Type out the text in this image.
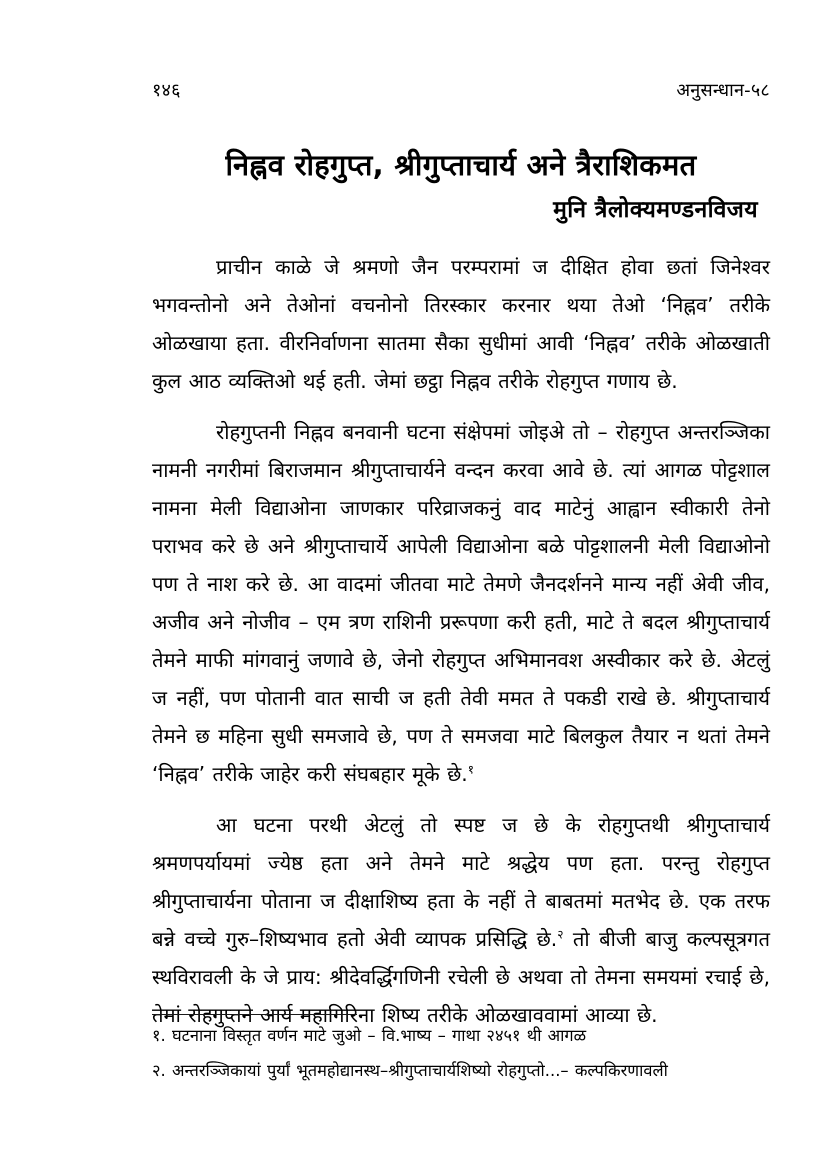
१४६	अनुसन्धान-५८
निह्नव रोहगुप्त, श्रीगुप्ताचार्य अने त्रैराशिकमत
मुनि त्रैलोक्यमण्डनविजय

प्राचीन काळे जे श्रमणो जैन परम्परामां ज दीक्षित होवा छतां जिनेश्वर भगवन्तोनो अने तेओनां वचनोनो तिरस्कार करनार थया तेओ ‘निह्नव’ तरीके ओळखाया हता. वीरनिर्वाणना सातमा सैका सुधीमां आवी ‘निह्नव’ तरीके ओळखाती कुल आठ व्यक्तिओ थई हती. जेमां छट्ठा निह्नव तरीके रोहगुप्त गणाय छे.

रोहगुप्तनी निह्नव बनवानी घटना संक्षेपमां जोइअे तो – रोहगुप्त अन्तरञ्जिका नामनी नगरीमां बिराजमान श्रीगुप्ताचार्यने वन्दन करवा आवे छे. त्यां आगळ पोट्टशाल नामना मेली विद्याओना जाणकार परिव्राजकनुं वाद माटेनुं आह्वान स्वीकारी तेनो पराभव करे छे अने श्रीगुप्ताचार्ये आपेली विद्याओना बळे पोट्टशालनी मेली विद्याओनो पण ते नाश करे छे. आ वादमां जीतवा माटे तेमणे जैनदर्शनने मान्य नहीं अेवी जीव, अजीव अने नोजीव – एम त्रण राशिनी प्ररूपणा करी हती, माटे ते बदल श्रीगुप्ताचार्य तेमने माफी मांगवानुं जणावे छे, जेनो रोहगुप्त अभिमानवश अस्वीकार करे छे. अेटलुं ज नहीं, पण पोतानी वात साची ज हती तेवी ममत ते पकडी राखे छे. श्रीगुप्ताचार्य तेमने छ महिना सुधी समजावे छे, पण ते समजवा माटे बिलकुल तैयार न थतां तेमने ‘निह्नव’ तरीके जाहेर करी संघबहार मूके छे.$^१$

आ घटना परथी अेटलुं तो स्पष्ट ज छे के रोहगुप्तथी श्रीगुप्ताचार्य श्रमणपर्यायमां ज्येष्ठ हता अने तेमने माटे श्रद्धेय पण हता. परन्तु रोहगुप्त श्रीगुप्ताचार्यना पोताना ज दीक्षाशिष्य हता के नहीं ते बाबतमां मतभेद छे. एक तरफ बन्ने वच्चे गुरु–शिष्यभाव हतो अेवी व्यापक प्रसिद्धि छे.$^२$ तो बीजी बाजु कल्पसूत्रगत स्थविरावली के जे प्राय: श्रीदेवर्द्धिगणिनी रचेली छे अथवा तो तेमना समयमां रचाई छे, तेमां रोहगुप्तने आर्य महागिरिना शिष्य तरीके ओळखाववामां आव्या छे.

१. घटनाना विस्तृत वर्णन माटे जुओ – वि.भाष्य – गाथा २४५१ थी आगळ

२. अन्तरञ्जिकायां पुर्यां भूतमहोद्यानस्थ–श्रीगुप्ताचार्यशिष्यो रोहगुप्तो...– कल्पकिरणावली
